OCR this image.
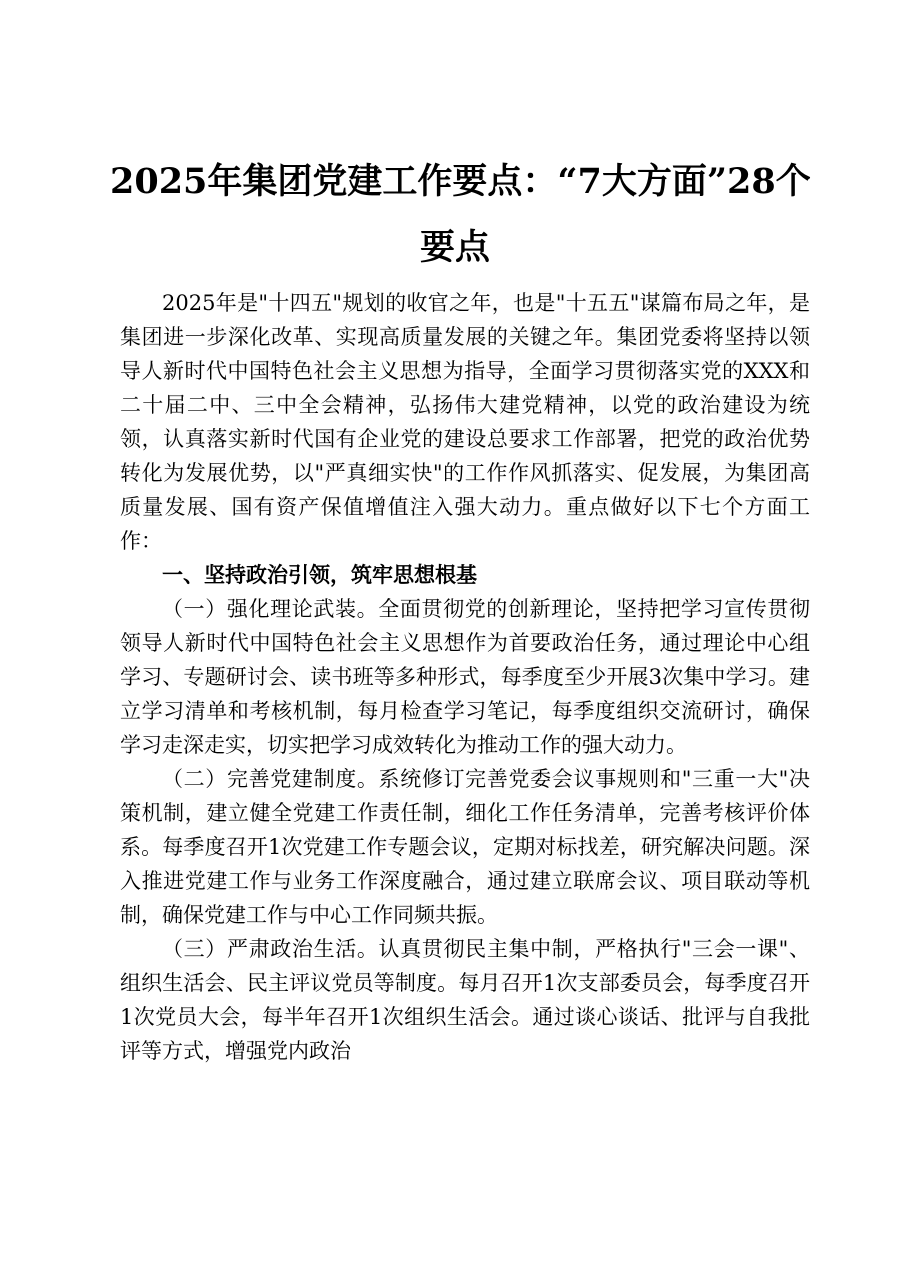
2025年集团党建工作要点：“7大方面”28个
要点

2025年是"十四五"规划的收官之年，也是"十五五"谋篇布局之年，是集团进一步深化改革、实现高质量发展的关键之年。集团党委将坚持以领导人新时代中国特色社会主义思想为指导，全面学习贯彻落实党的XXX和二十届二中、三中全会精神，弘扬伟大建党精神，以党的政治建设为统领，认真落实新时代国有企业党的建设总要求工作部署，把党的政治优势转化为发展优势，以"严真细实快"的工作作风抓落实、促发展，为集团高质量发展、国有资产保值增值注入强大动力。重点做好以下七个方面工作：

一、坚持政治引领，筑牢思想根基

（一）强化理论武装。全面贯彻党的创新理论，坚持把学习宣传贯彻领导人新时代中国特色社会主义思想作为首要政治任务，通过理论中心组学习、专题研讨会、读书班等多种形式，每季度至少开展3次集中学习。建立学习清单和考核机制，每月检查学习笔记，每季度组织交流研讨，确保学习走深走实，切实把学习成效转化为推动工作的强大动力。

（二）完善党建制度。系统修订完善党委会议事规则和"三重一大"决策机制，建立健全党建工作责任制，细化工作任务清单，完善考核评价体系。每季度召开1次党建工作专题会议，定期对标找差，研究解决问题。深入推进党建工作与业务工作深度融合，通过建立联席会议、项目联动等机制，确保党建工作与中心工作同频共振。

（三）严肃政治生活。认真贯彻民主集中制，严格执行"三会一课"、组织生活会、民主评议党员等制度。每月召开1次支部委员会，每季度召开1次党员大会，每半年召开1次组织生活会。通过谈心谈话、批评与自我批评等方式，增强党内政治
